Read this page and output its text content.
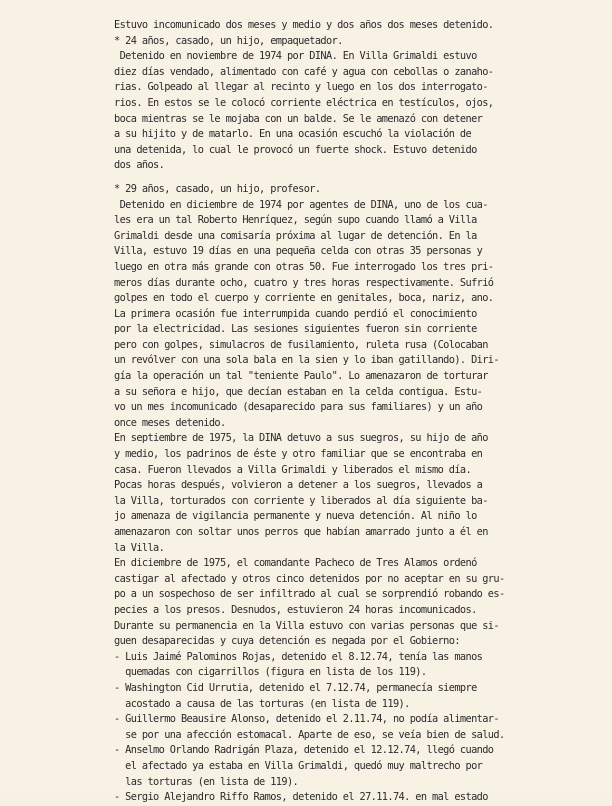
Estuvo incomunicado dos meses y medio y dos años dos meses detenido.
* 24 años, casado, un hijo, empaquetador.
Detenido en noviembre de 1974 por DINA. En Villa Grimaldi estuvo
diez días vendado, alimentado con café y agua con cebollas o zanaho-
rias. Golpeado al llegar al recinto y luego en los dos interrogato-
rios. En estos se le colocó corriente eléctrica en testículos, ojos,
boca mientras se le mojaba con un balde. Se le amenazó con detener
a su hijito y de matarlo. En una ocasión escuchó la violación de
una detenida, lo cual le provocó un fuerte shock. Estuvo detenido
dos años.
* 29 años, casado, un hijo, profesor.
Detenido en diciembre de 1974 por agentes de DINA, uno de los cua-
les era un tal Roberto Henríquez, según supo cuando llamó a Villa
Grimaldi desde una comisaría próxima al lugar de detención. En la
Villa, estuvo 19 días en una pequeña celda con otras 35 personas y
luego en otra más grande con otras 50. Fue interrogado los tres pri-
meros días durante ocho, cuatro y tres horas respectivamente. Sufrió
golpes en todo el cuerpo y corriente en genitales, boca, nariz, ano.
La primera ocasión fue interrumpida cuando perdió el conocimiento
por la electricidad. Las sesiones siguientes fueron sin corriente
pero con golpes, simulacros de fusilamiento, ruleta rusa (Colocaban
un revólver con una sola bala en la sien y lo iban gatillando). Diri-
gía la operación un tal "teniente Paulo". Lo amenazaron de torturar
a su señora e hijo, que decían estaban en la celda contigua. Estu-
vo un mes incomunicado (desaparecido para sus familiares) y un año
once meses detenido.
En septiembre de 1975, la DINA detuvo a sus suegros, su hijo de año
y medio, los padrinos de éste y otro familiar que se encontraba en
casa. Fueron llevados a Villa Grimaldi y liberados el mismo día.
Pocas horas después, volvieron a detener a los suegros, llevados a
la Villa, torturados con corriente y liberados al día siguiente ba-
jo amenaza de vigilancia permanente y nueva detención. Al niño lo
amenazaron con soltar unos perros que habían amarrado junto a él en
la Villa.
En diciembre de 1975, el comandante Pacheco de Tres Alamos ordenó
castigar al afectado y otros cinco detenidos por no aceptar en su gru-
po a un sospechoso de ser infiltrado al cual se sorprendió robando es-
pecies a los presos. Desnudos, estuvieron 24 horas incomunicados.
Durante su permanencia en la Villa estuvo con varias personas que si-
guen desaparecidas y cuya detención es negada por el Gobierno:
- Luis Jaimé Palominos Rojas, detenido el 8.12.74, tenía las manos
quemadas con cigarrillos (figura en lista de los 119).
- Washington Cid Urrutia, detenido el 7.12.74, permanecía siempre
acostado a causa de las torturas (en lista de 119).
- Guillermo Beausire Alonso, detenido el 2.11.74, no podía alimentar-
se por una afección estomacal. Aparte de eso, se veía bien de salud.
- Anselmo Orlando Radrigán Plaza, detenido el 12.12.74, llegó cuando
el afectado ya estaba en Villa Grimaldi, quedó muy maltrecho por
las torturas (en lista de 119).
- Sergio Alejandro Riffo Ramos, detenido el 27.11.74. en mal estado
